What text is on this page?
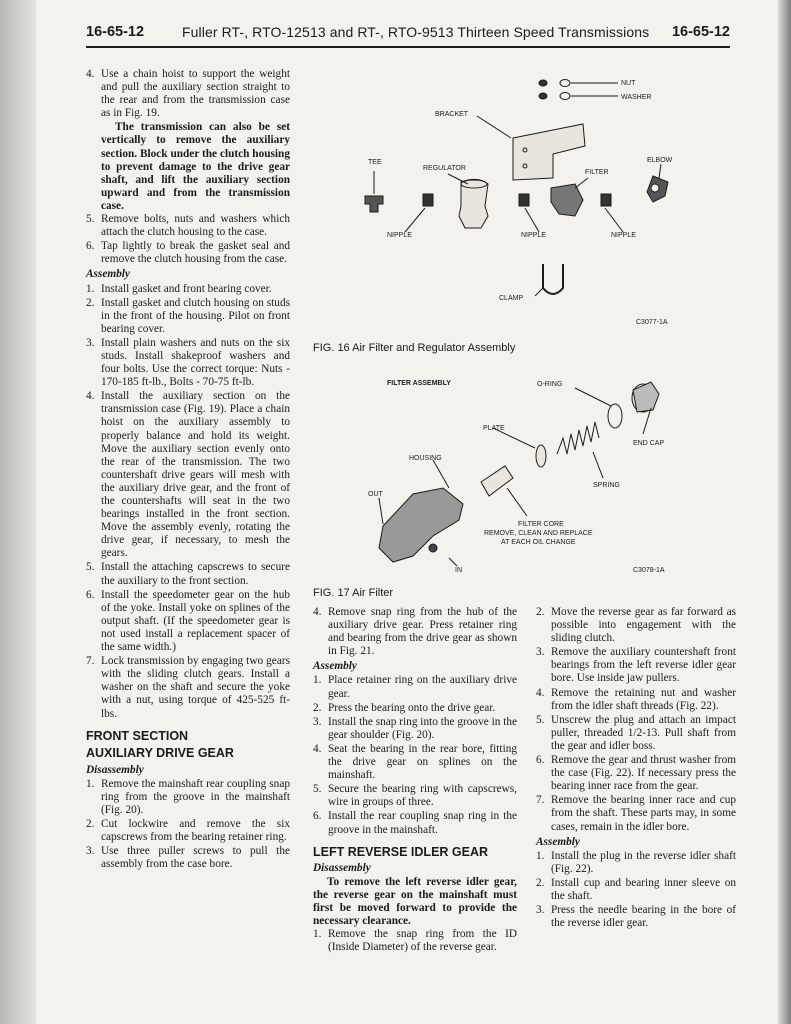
16-65-12	Fuller RT-, RTO-12513 and RT-, RTO-9513 Thirteen Speed Transmissions 16-65-12
4. Use a chain hoist to support the weight and pull the auxiliary section straight to the rear and from the transmission case as in Fig. 19.
The transmission can also be set vertically to remove the auxiliary section. Block under the clutch housing to prevent damage to the drive gear shaft, and lift the auxiliary section upward and from the transmission case.
5. Remove bolts, nuts and washers which attach the clutch housing to the case.
6. Tap lightly to break the gasket seal and remove the clutch housing from the case.
Assembly
1. Install gasket and front bearing cover.
2. Install gasket and clutch housing on studs in the front of the housing. Pilot on front bearing cover.
3. Install plain washers and nuts on the six studs. Install shakeproof washers and four bolts. Use the correct torque: Nuts - 170-185 ft-lb., Bolts - 70-75 ft-lb.
4. Install the auxiliary section on the transmission case (Fig. 19). Place a chain hoist on the auxiliary assembly to properly balance and hold its weight. Move the auxiliary section evenly onto the rear of the transmission. The two countershaft drive gears will mesh with the auxiliary drive gear, and the front of the countershafts will seat in the two bearings installed in the front section. Move the assembly evenly, rotating the drive gear, if necessary, to mesh the gears.
5. Install the attaching capscrews to secure the auxiliary to the front section.
6. Install the speedometer gear on the hub of the yoke. Install yoke on splines of the output shaft. (If the speedometer gear is not used install a replacement spacer of the same width.)
7. Lock transmission by engaging two gears with the sliding clutch gears. Install a washer on the shaft and secure the yoke with a nut, using torque of 425-525 ft-lbs.
FRONT SECTION
AUXILIARY DRIVE GEAR
Disassembly
1. Remove the mainshaft rear coupling snap ring from the groove in the mainshaft (Fig. 20).
2. Cut lockwire and remove the six capscrews from the bearing retainer ring.
3. Use three puller screws to pull the assembly from the case bore.
NUT
WASHER
BRACKET
TEE
REGULATOR
FILTER
ELBOW
NIPPLE	NIPPLE	NIPPLE
CLAMP
C3077-1A
FIG. 16 Air Filter and Regulator Assembly
FILTER ASSEMBLY	O-RING
PLATE
END CAP
HOUSING
SPRING
OUT
FILTER CORE
REMOVE, CLEAN AND REPLACE
AT EACH OIL CHANGE
IN	C3078-1A
FIG. 17 Air Filter
4. Remove snap ring from the hub of the auxiliary drive gear. Press retainer ring and bearing from the drive gear as shown in Fig. 21.
Assembly
1. Place retainer ring on the auxiliary drive gear.
2. Press the bearing onto the drive gear.
3. Install the snap ring into the groove in the gear shoulder (Fig. 20).
4. Seat the bearing in the rear bore, fitting the drive gear on splines on the mainshaft.
5. Secure the bearing ring with capscrews, wire in groups of three.
6. Install the rear coupling snap ring in the groove in the mainshaft.
LEFT REVERSE IDLER GEAR
Disassembly
To remove the left reverse idler gear, the reverse gear on the mainshaft must first be moved forward to provide the necessary clearance.
1. Remove the snap ring from the ID (Inside Diameter) of the reverse gear.
2. Move the reverse gear as far forward as possible into engagement with the sliding clutch.
3. Remove the auxiliary countershaft front bearings from the left reverse idler gear bore. Use inside jaw pullers.
4. Remove the retaining nut and washer from the idler shaft threads (Fig. 22).
5. Unscrew the plug and attach an impact puller, threaded 1/2-13. Pull shaft from the gear and idler boss.
6. Remove the gear and thrust washer from the case (Fig. 22). If necessary press the bearing inner race from the gear.
7. Remove the bearing inner race and cup from the shaft. These parts may, in some cases, remain in the idler bore.
Assembly
1. Install the plug in the reverse idler shaft (Fig. 22).
2. Install cup and bearing inner sleeve on the shaft.
3. Press the needle bearing in the bore of the reverse idler gear.
